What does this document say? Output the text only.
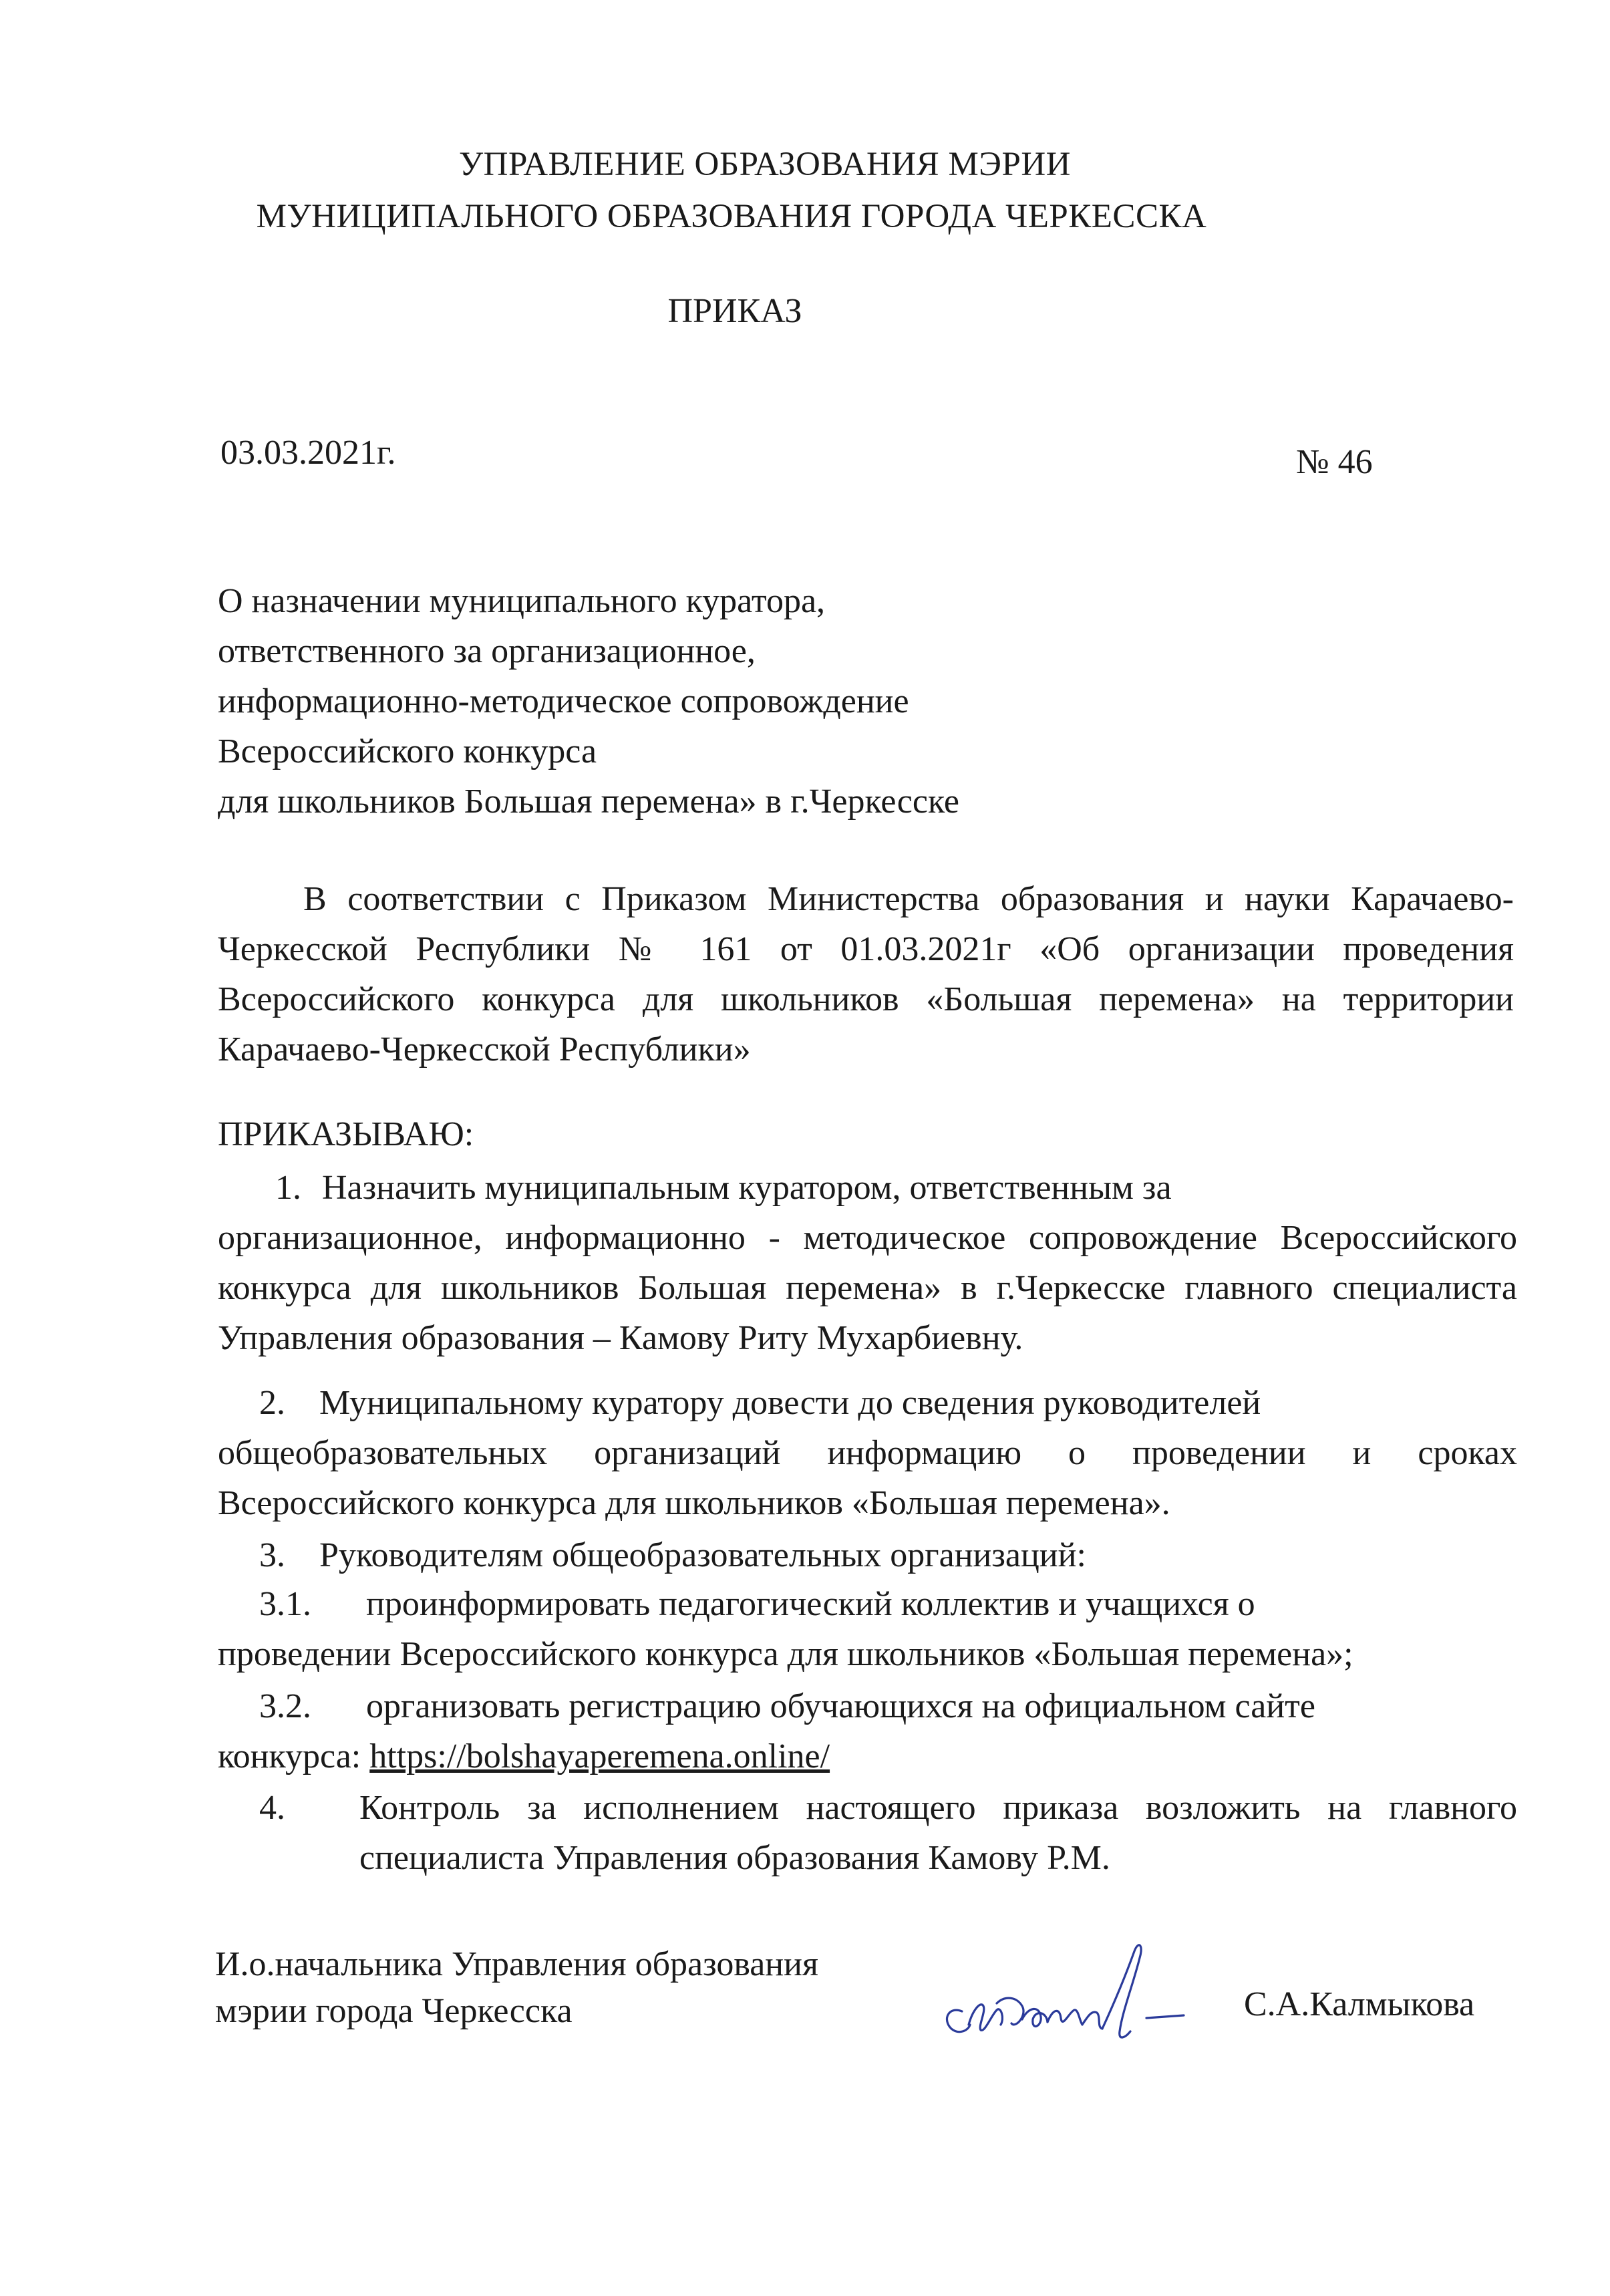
УПРАВЛЕНИЕ ОБРАЗОВАНИЯ МЭРИИ
МУНИЦИПАЛЬНОГО ОБРАЗОВАНИЯ ГОРОДА ЧЕРКЕССКА
ПРИКАЗ
03.03.2021г.	№ 46
О назначении муниципального куратора,
ответственного за организационное,
информационно-методическое сопровождение
Всероссийского конкурса
для школьников Большая перемена» в г.Черкесске
В соответствии с Приказом Министерства образования и науки Карачаево-Черкесской Республики № 161 от 01.03.2021г «Об организации проведения Всероссийского конкурса для школьников «Большая перемена» на территории Карачаево-Черкесской Республики»
ПРИКАЗЫВАЮ:
1. Назначить муниципальным куратором, ответственным за
организационное, информационно - методическое сопровождение Всероссийского конкурса для школьников Большая перемена» в г.Черкесске главного специалиста Управления образования – Камову Риту Мухарбиевну.
2. Муниципальному куратору довести до сведения руководителей
общеобразовательных организаций информацию о проведении и сроках Всероссийского конкурса для школьников «Большая перемена».
3. Руководителям общеобразовательных организаций:
3.1. проинформировать педагогический коллектив и учащихся о
проведении Всероссийского конкурса для школьников «Большая перемена»;
3.2. организовать регистрацию обучающихся на официальном сайте
конкурса: https://bolshayaperemena.online/
4.	Контроль за исполнением настоящего приказа возложить на главного
специалиста Управления образования Камову Р.М.
И.о.начальника Управления образования
мэрии города Черкесска	С.А.Калмыкова
